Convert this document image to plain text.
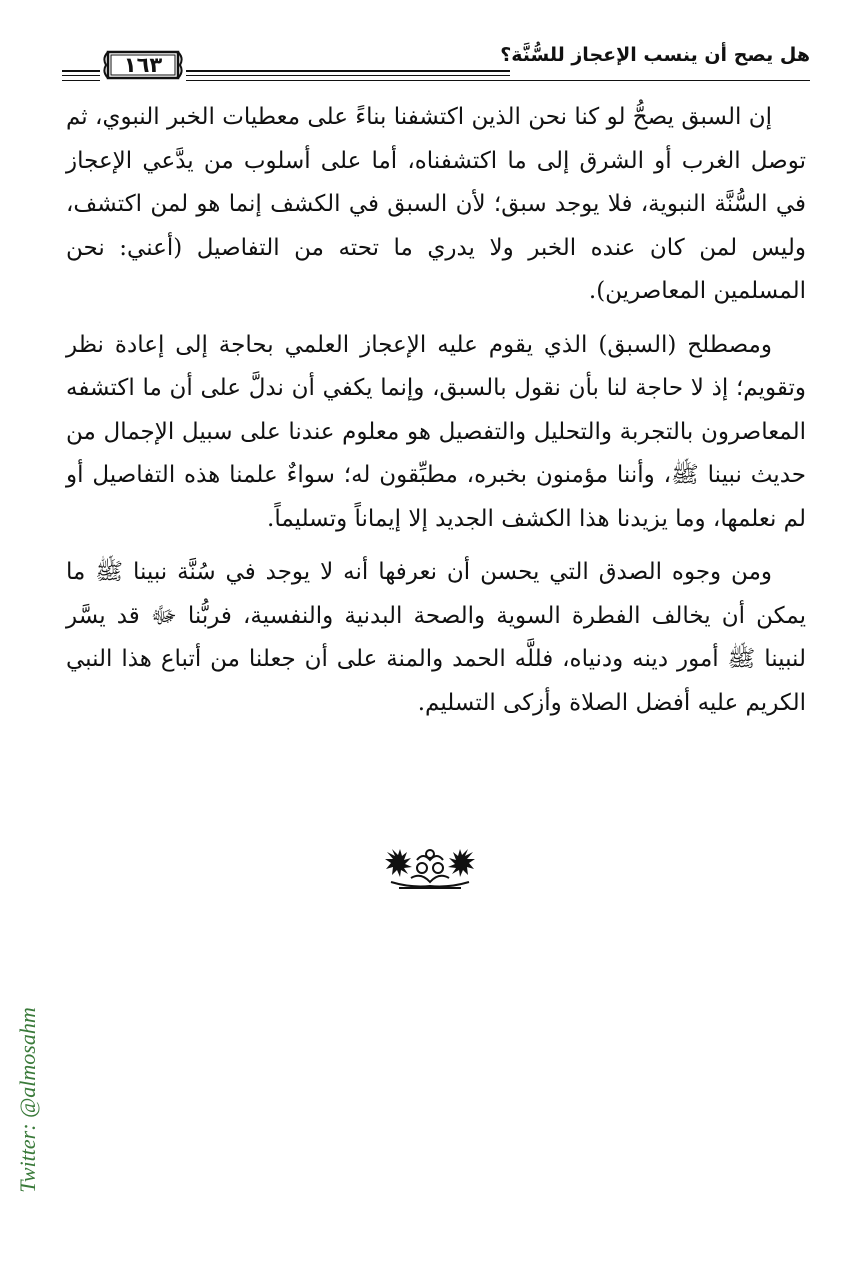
هل يصح أن ينسب الإعجاز للسُّنَّة؟
١٦٣

إن السبق يصحُّ لو كنا نحن الذين اكتشفنا بناءً على معطيات الخبر النبوي، ثم توصل الغرب أو الشرق إلى ما اكتشفناه، أما على أسلوب من يدَّعي الإعجاز في السُّنَّة النبوية، فلا يوجد سبق؛ لأن السبق في الكشف إنما هو لمن اكتشف، وليس لمن كان عنده الخبر ولا يدري ما تحته من التفاصيل (أعني: نحن المسلمين المعاصرين).

ومصطلح (السبق) الذي يقوم عليه الإعجاز العلمي بحاجة إلى إعادة نظر وتقويم؛ إذ لا حاجة لنا بأن نقول بالسبق، وإنما يكفي أن ندلَّ على أن ما اكتشفه المعاصرون بالتجربة والتحليل والتفصيل هو معلوم عندنا على سبيل الإجمال من حديث نبينا ﷺ، وأننا مؤمنون بخبره، مطبِّقون له؛ سواءٌ علمنا هذه التفاصيل أو لم نعلمها، وما يزيدنا هذا الكشف الجديد إلا إيماناً وتسليماً.

ومن وجوه الصدق التي يحسن أن نعرفها أنه لا يوجد في سُنَّة نبينا ﷺ ما يمكن أن يخالف الفطرة السوية والصحة البدنية والنفسية، فربُّنا ﷻ قد يسَّر لنبينا ﷺ أمور دينه ودنياه، فللَّه الحمد والمنة على أن جعلنا من أتباع هذا النبي الكريم عليه أفضل الصلاة وأزكى التسليم.

Twitter: @almosahm
